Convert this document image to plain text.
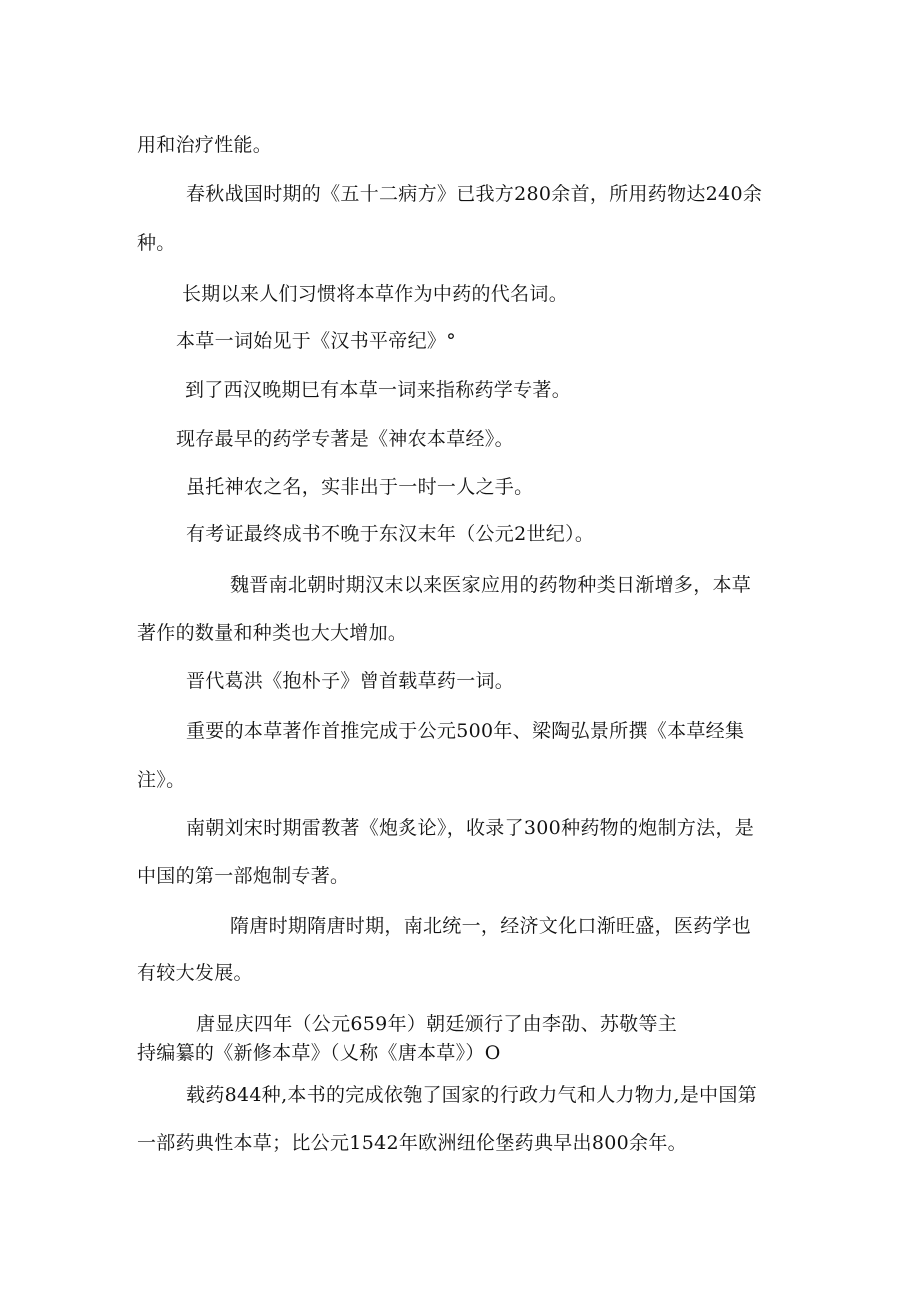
用和治疗性能。

春秋战国时期的《五十二病方》已我方280余首，所用药物达240余

种。

长期以来人们习惯将本草作为中药的代名词。

本草一词始见于《汉书平帝纪》°

到了西汉晚期巳有本草一词来指称药学专著。

现存最早的药学专著是《神农本草经》。

虽托神农之名，实非出于一时一人之手。

有考证最终成书不晚于东汉末年（公元2世纪）。

魏晋南北朝时期汉末以来医家应用的药物种类日渐增多，本草

著作的数量和种类也大大增加。

晋代葛洪《抱朴子》曾首载草药一词。

重要的本草著作首推完成于公元500年、梁陶弘景所撰《本草经集

注》。

南朝刘宋时期雷教著《炮炙论》，收录了300种药物的炮制方法，是

中国的第一部炮制专著。

隋唐时期隋唐时期，南北统一，经济文化口渐旺盛，医药学也

有较大发展。

唐显庆四年（公元659年）朝廷颁行了由李劭、苏敬等主

持编纂的《新修本草》（乂称《唐本草》）O

载药844种,本书的完成依匏了国家的行政力气和人力物力,是中国第

一部药典性本草；比公元1542年欧洲纽伦堡药典早出800余年。
